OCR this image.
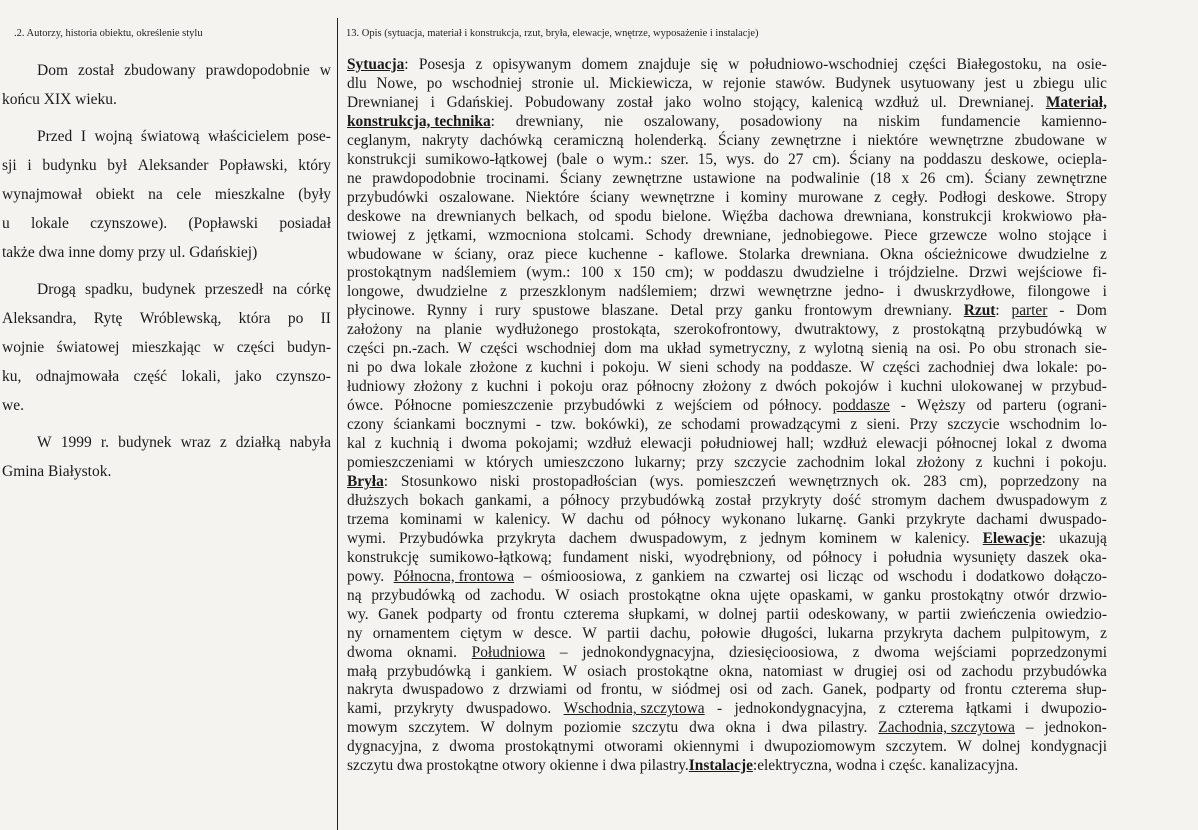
.2. Autorzy, historia obiektu, określenie stylu	13. Opis (sytuacja, materiał i konstrukcja, rzut, bryła, elewacje, wnętrze, wyposażenie i instalacje)
Dom został zbudowany prawdopodobnie w
końcu XIX wieku.
Przed I wojną światową właścicielem pose-
sji i budynku był Aleksander Popławski, który
wynajmował obiekt na cele mieszkalne (były
u lokale czynszowe). (Popławski posiadał
także dwa inne domy przy ul. Gdańskiej)
Drogą spadku, budynek przeszedł na córkę
Aleksandra, Rytę Wróblewską, która po II
wojnie światowej mieszkając w części budyn-
ku, odnajmowała część lokali, jako czynszo-
we.
W 1999 r. budynek wraz z działką nabyła
Gmina Białystok.
Sytuacja: Posesja z opisywanym domem znajduje się w południowo-wschodniej części Białegostoku, na osie-
dlu Nowe, po wschodniej stronie ul. Mickiewicza, w rejonie stawów. Budynek usytuowany jest u zbiegu ulic
Drewnianej i Gdańskiej. Pobudowany został jako wolno stojący, kalenicą wzdłuż ul. Drewnianej. Materiał,
konstrukcja, technika: drewniany, nie oszalowany, posadowiony na niskim fundamencie kamienno-
ceglanym, nakryty dachówką ceramiczną holenderką. Ściany zewnętrzne i niektóre wewnętrzne zbudowane w
konstrukcji sumikowo-łątkowej (bale o wym.: szer. 15, wys. do 27 cm). Ściany na poddaszu deskowe, ociepla-
ne prawdopodobnie trocinami. Ściany zewnętrzne ustawione na podwalinie (18 x 26 cm). Ściany zewnętrzne
przybudówki oszalowane. Niektóre ściany wewnętrzne i kominy murowane z cegły. Podłogi deskowe. Stropy
deskowe na drewnianych belkach, od spodu bielone. Więźba dachowa drewniana, konstrukcji krokwiowo pła-
twiowej z jętkami, wzmocniona stolcami. Schody drewniane, jednobiegowe. Piece grzewcze wolno stojące i
wbudowane w ściany, oraz piece kuchenne - kaflowe. Stolarka drewniana. Okna ościeżnicowe dwudzielne z
prostokątnym nadślemiem (wym.: 100 x 150 cm); w poddaszu dwudzielne i trójdzielne. Drzwi wejściowe fi-
longowe, dwudzielne z przeszklonym nadślemiem; drzwi wewnętrzne jedno- i dwuskrzydłowe, filongowe i
płycinowe. Rynny i rury spustowe blaszane. Detal przy ganku frontowym drewniany. Rzut: parter - Dom
założony na planie wydłużonego prostokąta, szerokofrontowy, dwutraktowy, z prostokątną przybudówką w
części pn.-zach. W części wschodniej dom ma układ symetryczny, z wylotną sienią na osi. Po obu stronach sie-
ni po dwa lokale złożone z kuchni i pokoju. W sieni schody na poddasze. W części zachodniej dwa lokale: po-
łudniowy złożony z kuchni i pokoju oraz północny złożony z dwóch pokojów i kuchni ulokowanej w przybud-
ówce. Północne pomieszczenie przybudówki z wejściem od północy. poddasze - Węższy od parteru (ograni-
czony ściankami bocznymi - tzw. bokówki), ze schodami prowadzącymi z sieni. Przy szczycie wschodnim lo-
kal z kuchnią i dwoma pokojami; wzdłuż elewacji południowej hall; wzdłuż elewacji północnej lokal z dwoma
pomieszczeniami w których umieszczono lukarny; przy szczycie zachodnim lokal złożony z kuchni i pokoju.
Bryła: Stosunkowo niski prostopadłościan (wys. pomieszczeń wewnętrznych ok. 283 cm), poprzedzony na
dłuższych bokach gankami, a północy przybudówką został przykryty dość stromym dachem dwuspadowym z
trzema kominami w kalenicy. W dachu od północy wykonano lukarnę. Ganki przykryte dachami dwuspado-
wymi. Przybudówka przykryta dachem dwuspadowym, z jednym kominem w kalenicy. Elewacje: ukazują
konstrukcję sumikowo-łątkową; fundament niski, wyodrębniony, od północy i południa wysunięty daszek oka-
powy. Północna, frontowa – ośmioosiowa, z gankiem na czwartej osi licząc od wschodu i dodatkowo dołączo-
ną przybudówką od zachodu. W osiach prostokątne okna ujęte opaskami, w ganku prostokątny otwór drzwio-
wy. Ganek podparty od frontu czterema słupkami, w dolnej partii odeskowany, w partii zwieńczenia owiedzio-
ny ornamentem ciętym w desce. W partii dachu, połowie długości, lukarna przykryta dachem pulpitowym, z
dwoma oknami. Południowa – jednokondygnacyjna, dziesięcioosiowa, z dwoma wejściami poprzedzonymi
małą przybudówką i gankiem. W osiach prostokątne okna, natomiast w drugiej osi od zachodu przybudówka
nakryta dwuspadowo z drzwiami od frontu, w siódmej osi od zach. Ganek, podparty od frontu czterema słup-
kami, przykryty dwuspadowo. Wschodnia, szczytowa - jednokondygnacyjna, z czterema łątkami i dwupozio-
mowym szczytem. W dolnym poziomie szczytu dwa okna i dwa pilastry. Zachodnia, szczytowa – jednokon-
dygnacyjna, z dwoma prostokątnymi otworami okiennymi i dwupoziomowym szczytem. W dolnej kondygnacji
szczytu dwa prostokątne otwory okienne i dwa pilastry. Instalacje: elektryczna, wodna i częśc. kanalizacyjna.
